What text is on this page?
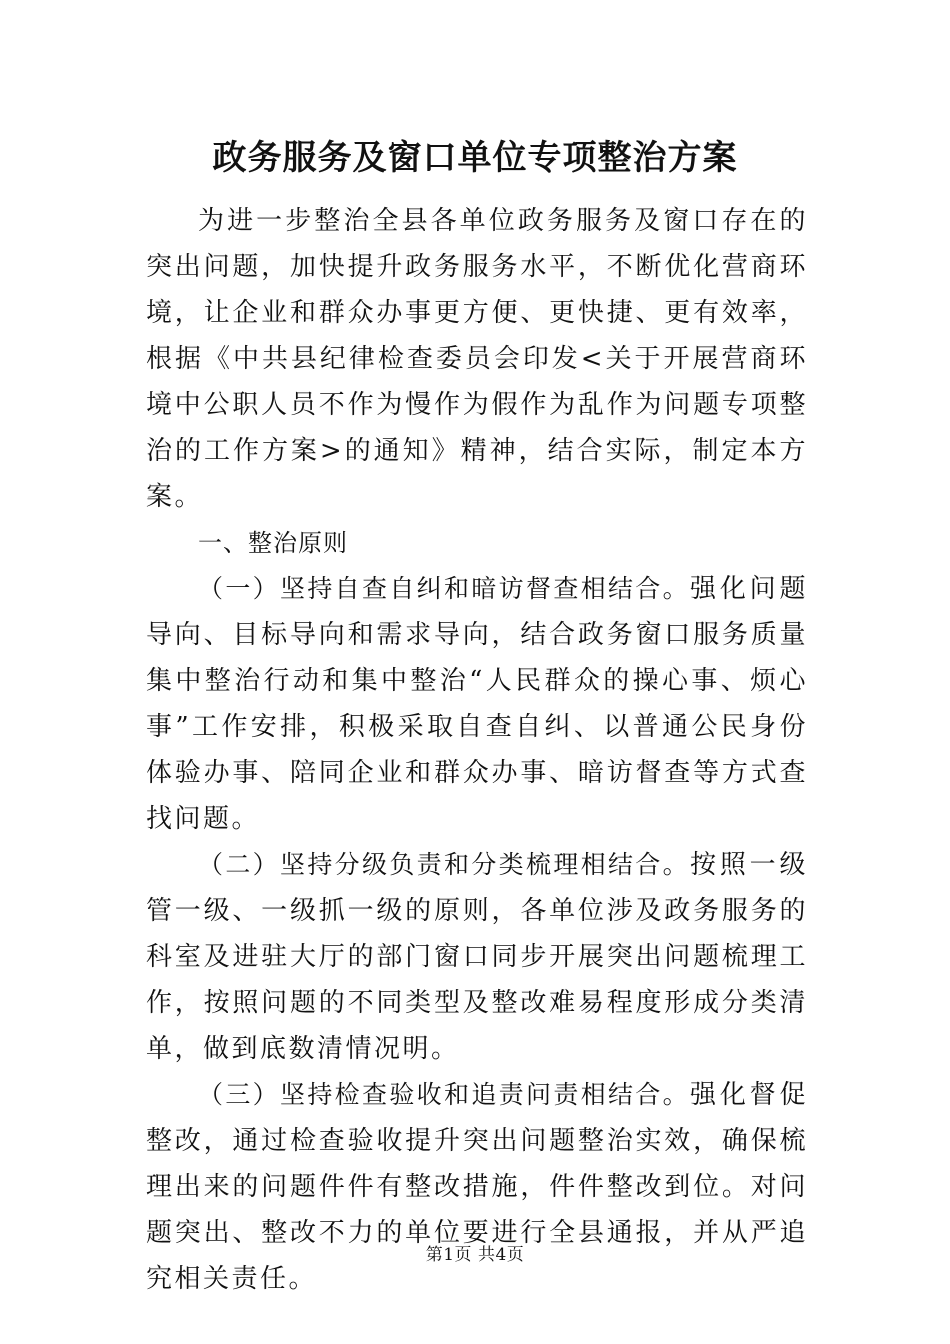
政务服务及窗口单位专项整治方案

为进一步整治全县各单位政务服务及窗口存在的突出问题，加快提升政务服务水平，不断优化营商环境，让企业和群众办事更方便、更快捷、更有效率，根据《中共县纪律检查委员会印发<关于开展营商环境中公职人员不作为慢作为假作为乱作为问题专项整治的工作方案>的通知》精神，结合实际，制定本方案。

一、整治原则

（一）坚持自查自纠和暗访督查相结合。强化问题导向、目标导向和需求导向，结合政务窗口服务质量集中整治行动和集中整治“人民群众的操心事、烦心事”工作安排，积极采取自查自纠、以普通公民身份体验办事、陪同企业和群众办事、暗访督查等方式查找问题。

（二）坚持分级负责和分类梳理相结合。按照一级管一级、一级抓一级的原则，各单位涉及政务服务的科室及进驻大厅的部门窗口同步开展突出问题梳理工作，按照问题的不同类型及整改难易程度形成分类清单，做到底数清情况明。

（三）坚持检查验收和追责问责相结合。强化督促整改，通过检查验收提升突出问题整治实效，确保梳理出来的问题件件有整改措施，件件整改到位。对问题突出、整改不力的单位要进行全县通报，并从严追究相关责任。

第1页 共4页
